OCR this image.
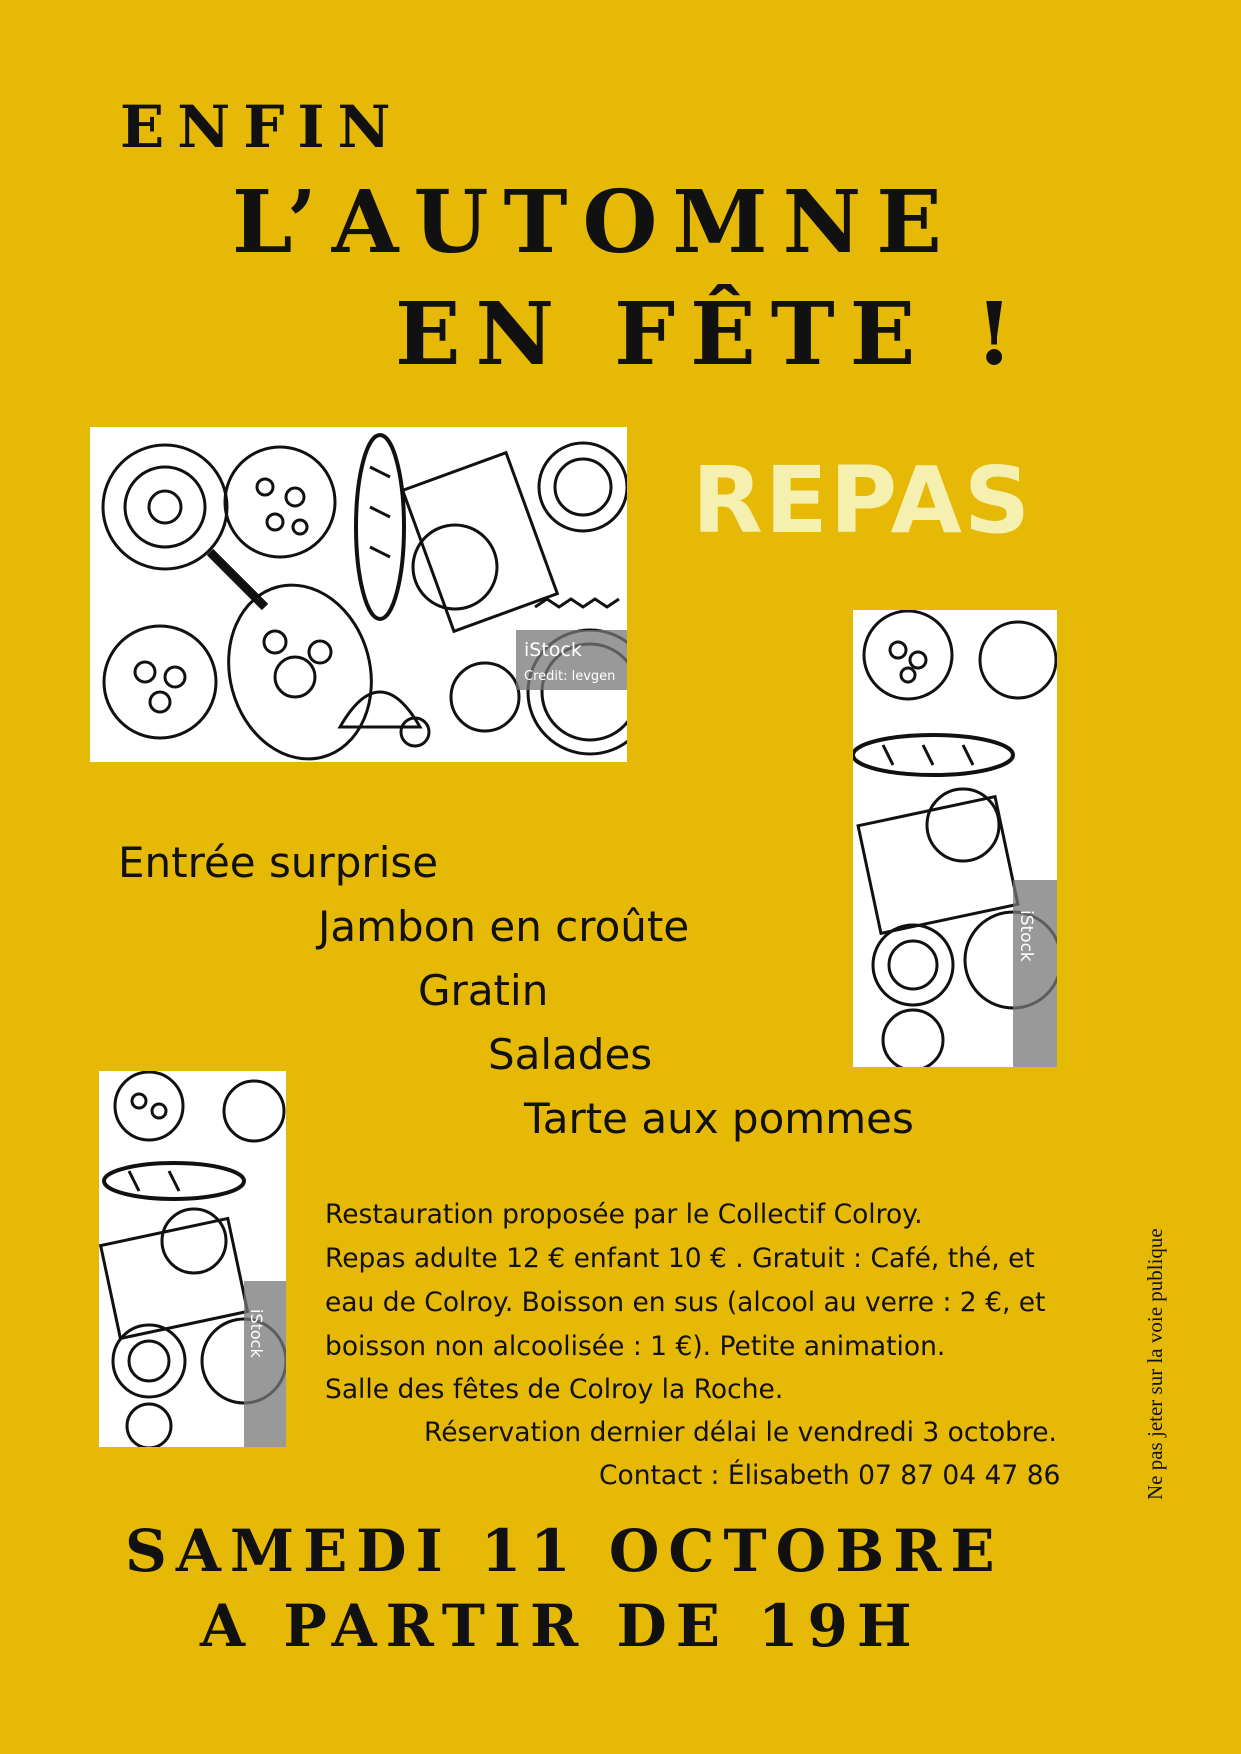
ENFIN
L’AUTOMNE
EN FÊTE !
iStock
Credit: levgen
REPAS
iStock
iStock

Entrée surprise

Jambon en croûte

Gratin

Salades

Tarte aux pommes

Restauration proposée par le Collectif Colroy.

Repas adulte 12 € enfant 10 € . Gratuit : Café, thé, et

eau de Colroy. Boisson en sus (alcool au verre : 2 €, et

boisson non alcoolisée : 1 €). Petite animation.

Salle des fêtes de Colroy la Roche.

Réservation dernier délai le vendredi 3 octobre.

Contact : Élisabeth 07 87 04 47 86	Ne pas jeter sur la voie publique

SAMEDI 11 OCTOBRE
A PARTIR DE 19H
